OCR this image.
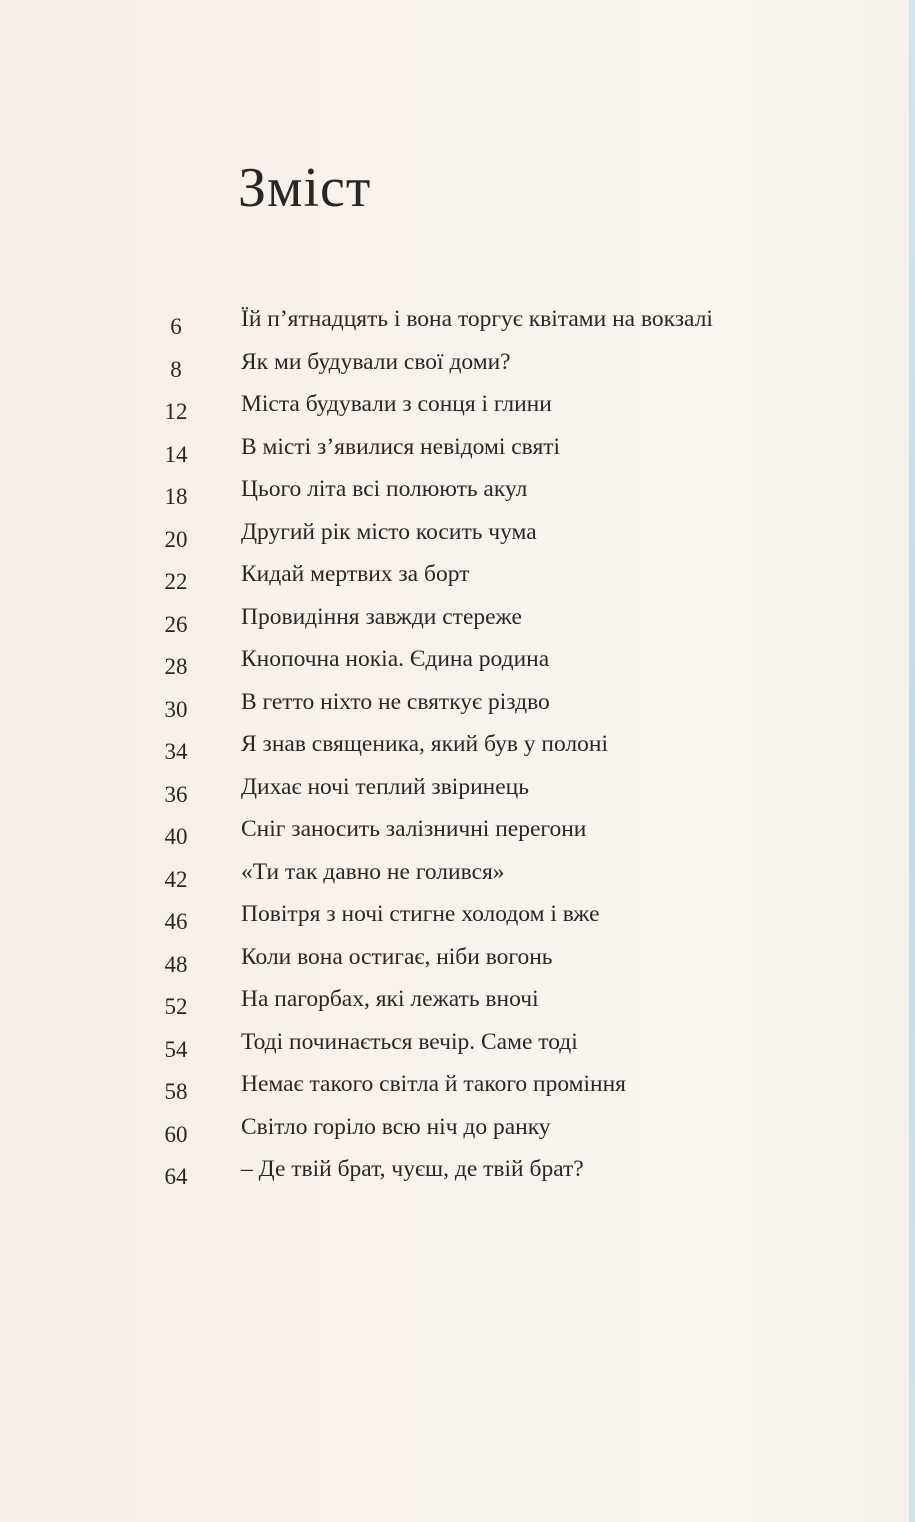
Зміст
6	Їй п’ятнадцять і вона торгує квітами на вокзалі
8	Як ми будували свої доми?
12	Міста будували з сонця і глини
14	В місті з’явилися невідомі святі
18	Цього літа всі полюють акул
20	Другий рік місто косить чума
22	Кидай мертвих за борт
26	Провидіння завжди стереже
28	Кнопочна нокіа. Єдина родина
30	В гетто ніхто не святкує різдво
34	Я знав священика, який був у полоні
36	Дихає ночі теплий звіринець
40	Сніг заносить залізничні перегони
42	«Ти так давно не голився»
46	Повітря з ночі стигне холодом і вже
48	Коли вона остигає, ніби вогонь
52	На пагорбах, які лежать вночі
54	Тоді починається вечір. Саме тоді
58	Немає такого світла й такого проміння
60	Світло горіло всю ніч до ранку
64	– Де твій брат, чуєш, де твій брат?
